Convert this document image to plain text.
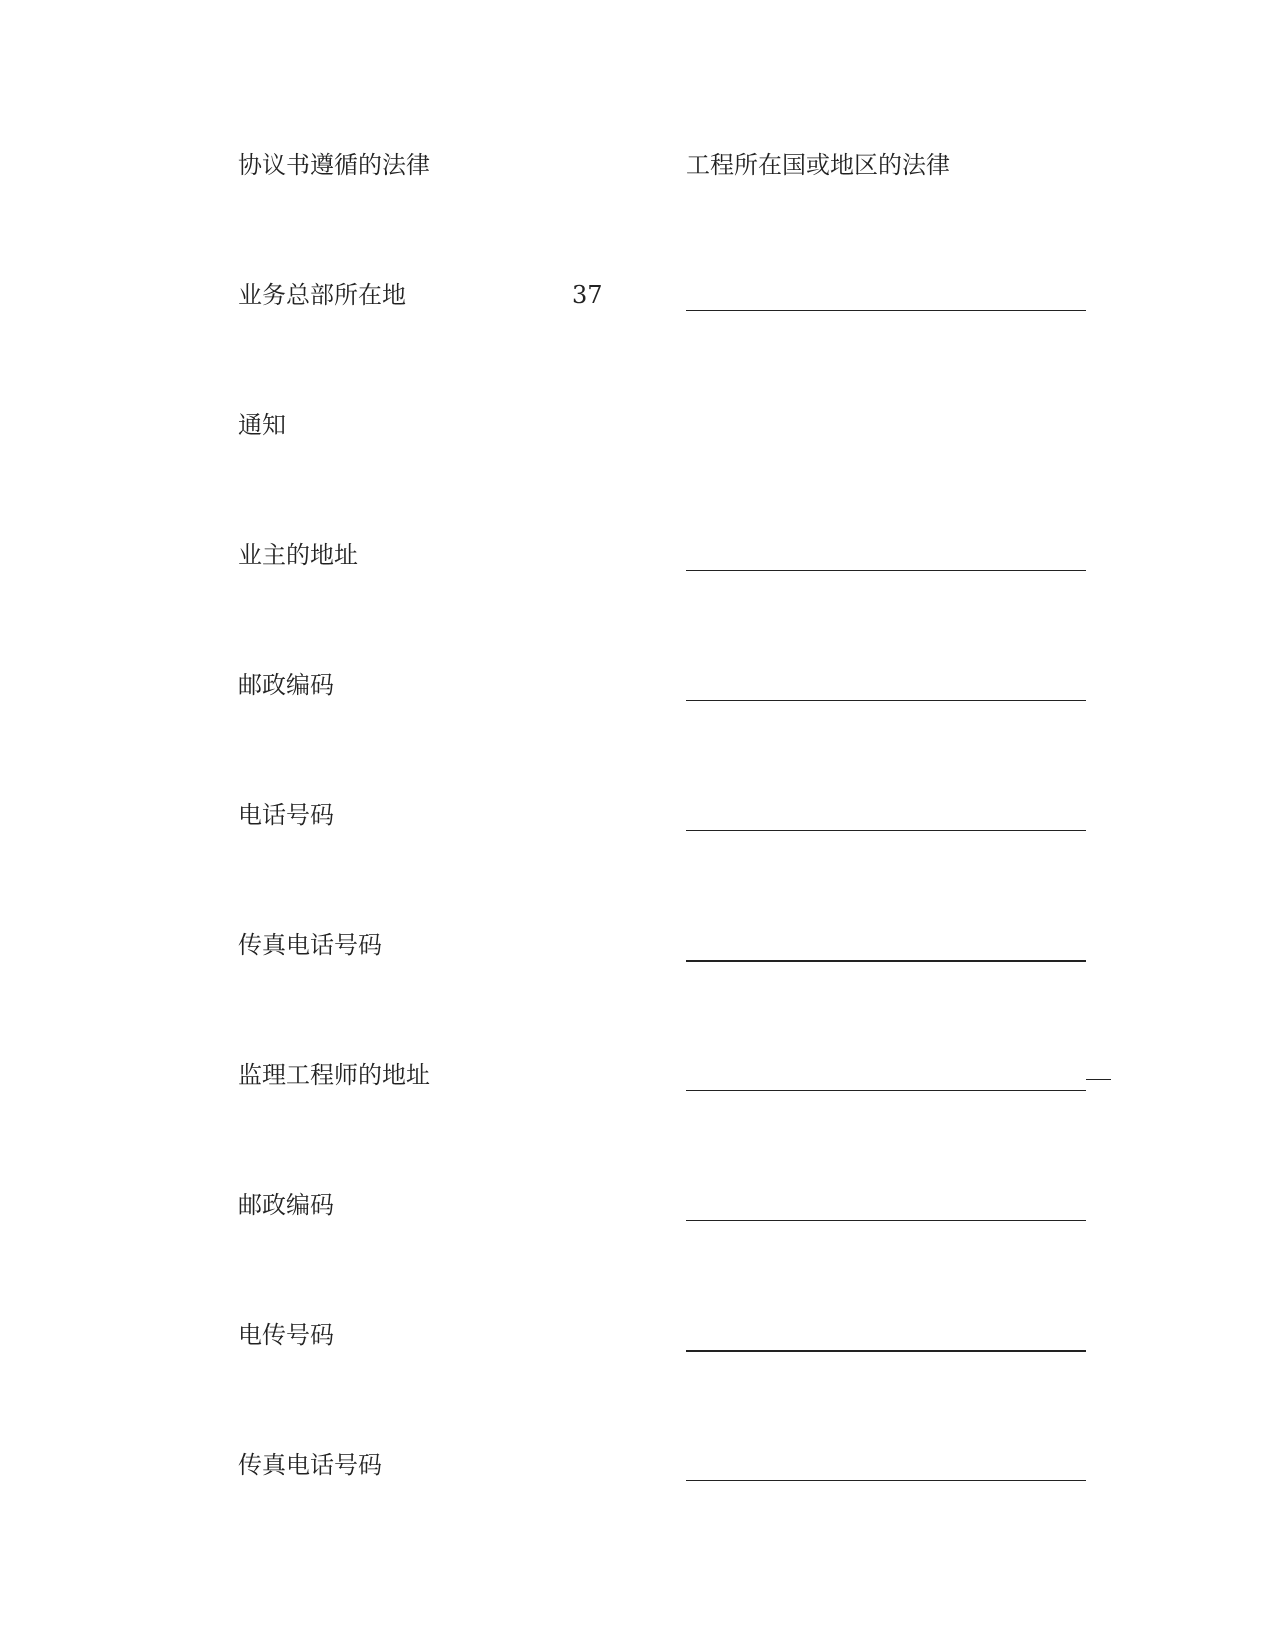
协议书遵循的法律	工程所在国或地区的法律
业务总部所在地	37
通知
业主的地址
邮政编码
电话号码
传真电话号码
监理工程师的地址
邮政编码
电传号码
传真电话号码
